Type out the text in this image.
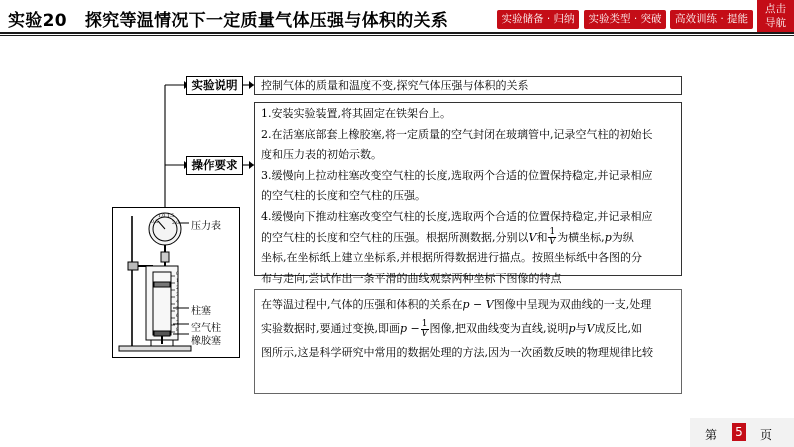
实验20 探究等温情况下一定质量气体压强与体积的关系	实验储备 · 归纳	实验类型 · 突破	高效训练 · 提能
点击
导航
实验说明
操作要求
控制气体的质量和温度不变,探究气体压强与体积的关系
1.安装实验装置,将其固定在铁架台上。
2.在活塞底部套上橡胶塞,将一定质量的空气封闭在玻璃管中,记录空气柱的初始长
度和压力表的初始示数。
3.缓慢向上拉动柱塞改变空气柱的长度,选取两个合适的位置保持稳定,并记录相应
的空气柱的长度和空气柱的压强。
4.缓慢向下推动柱塞改变空气柱的长度,选取两个合适的位置保持稳定,并记录相应
的空气柱的长度和空气柱的压强。根据所测数据,分别以V和 $\frac{1}{V}$ 为横坐标,p为纵
坐标,在坐标纸上建立坐标系,并根据所得数据进行描点。按照坐标纸中各图的分
布与走向,尝试作出一条平滑的曲线观察两种坐标下图像的特点
在等温过程中,气体的压强和体积的关系在p − V图像中呈现为双曲线的一支,处理
实验数据时,要通过变换,即画$p - \frac{1}{V}$ 图像,把双曲线变为直线,说明p与V成反比,如
图所示,这是科学研究中常用的数据处理的方法,因为一次函数反映的物理规律比较
0.5
1.0 1.5
2.0
0
1
2
3
4
5
6
7
8
压力表
柱塞
空气柱
橡胶塞
第 5 页
